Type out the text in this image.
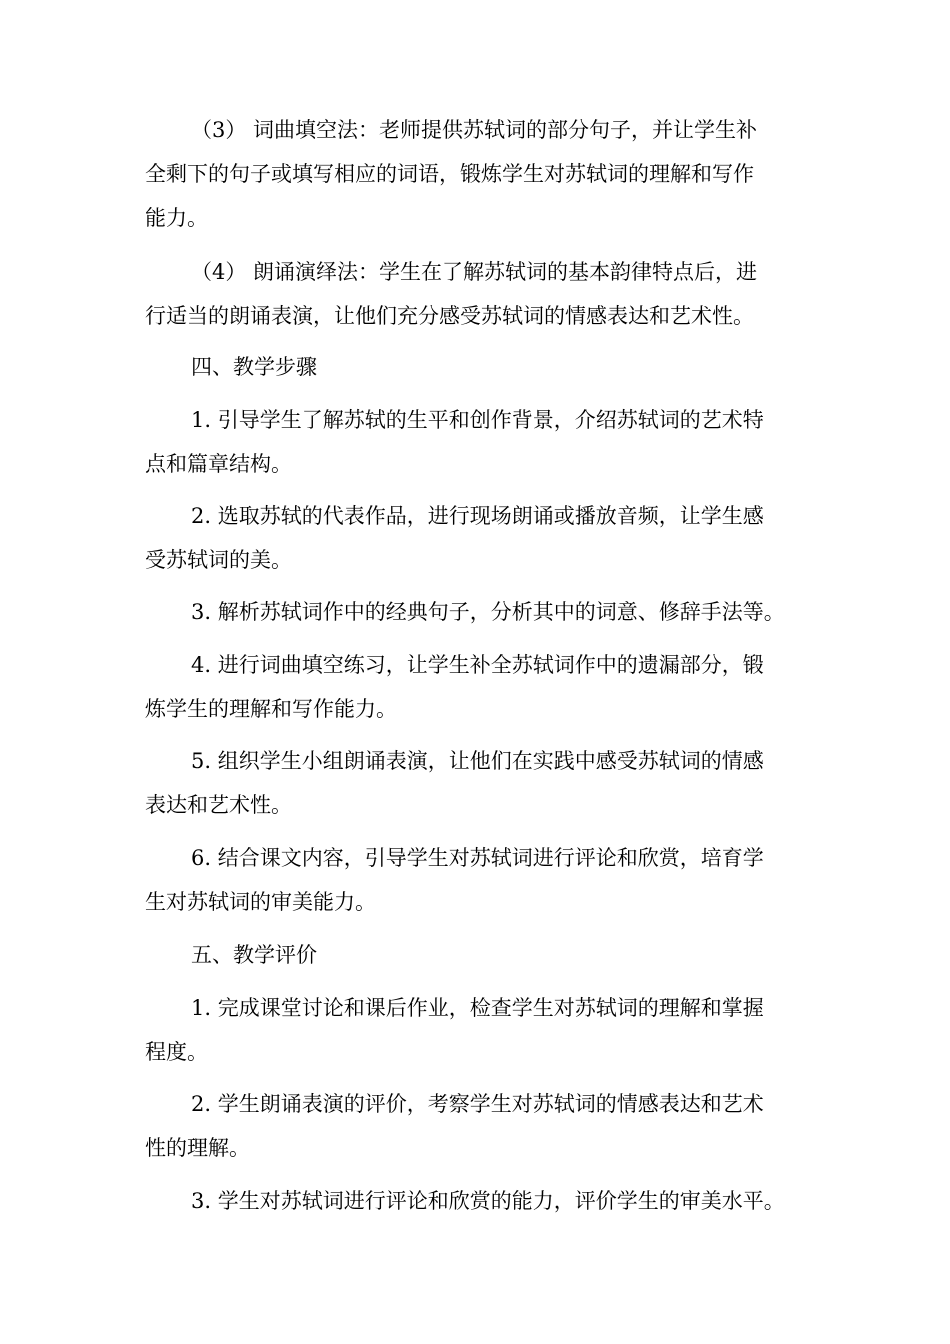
（3） 词曲填空法：老师提供苏轼词的部分句子，并让学生补
全剩下的句子或填写相应的词语，锻炼学生对苏轼词的理解和写作
能力。
（4） 朗诵演绎法：学生在了解苏轼词的基本韵律特点后，进
行适当的朗诵表演，让他们充分感受苏轼词的情感表达和艺术性。
四、教学步骤
1. 引导学生了解苏轼的生平和创作背景，介绍苏轼词的艺术特
点和篇章结构。
2. 选取苏轼的代表作品，进行现场朗诵或播放音频，让学生感
受苏轼词的美。
3. 解析苏轼词作中的经典句子，分析其中的词意、修辞手法等。
4. 进行词曲填空练习，让学生补全苏轼词作中的遗漏部分，锻
炼学生的理解和写作能力。
5. 组织学生小组朗诵表演，让他们在实践中感受苏轼词的情感
表达和艺术性。
6. 结合课文内容，引导学生对苏轼词进行评论和欣赏，培育学
生对苏轼词的审美能力。
五、教学评价
1. 完成课堂讨论和课后作业，检查学生对苏轼词的理解和掌握
程度。
2. 学生朗诵表演的评价，考察学生对苏轼词的情感表达和艺术
性的理解。
3. 学生对苏轼词进行评论和欣赏的能力，评价学生的审美水平。
